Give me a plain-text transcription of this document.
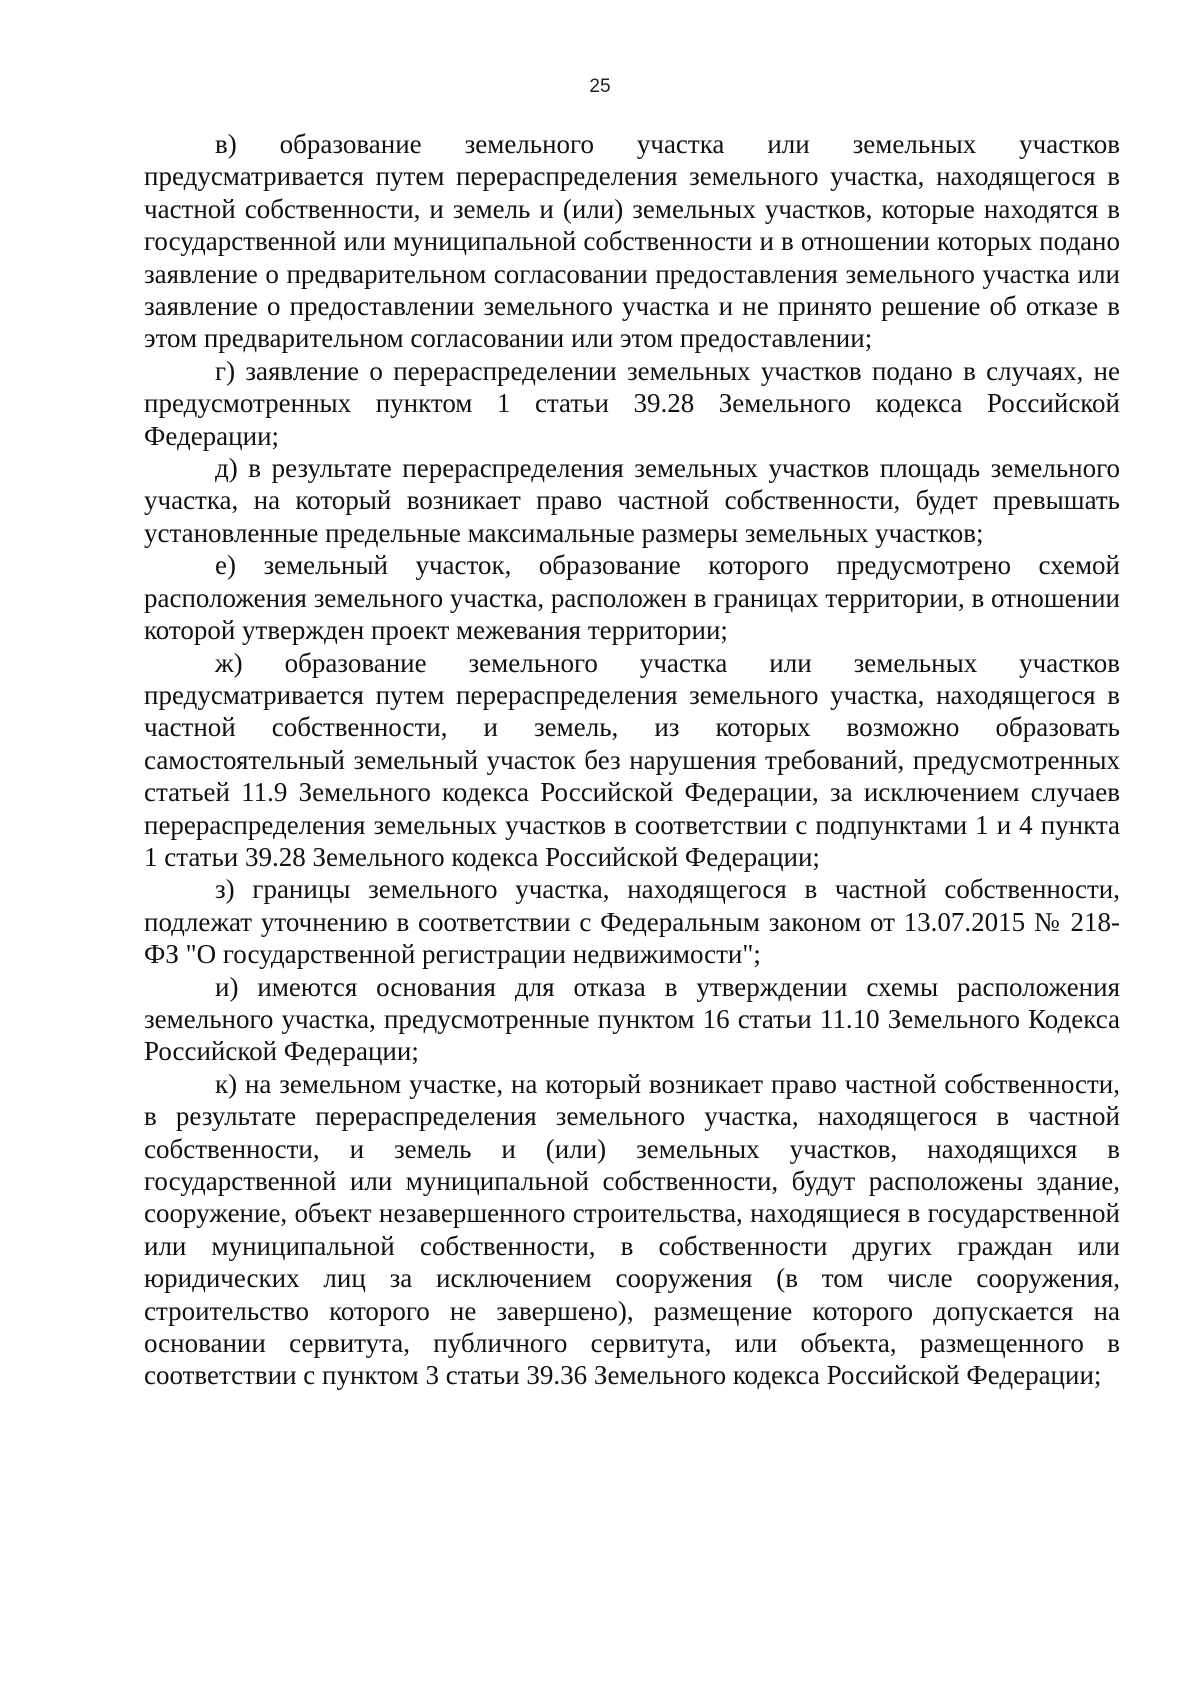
25

в) образование земельного участка или земельных участков предусматривается путем перераспределения земельного участка, находящегося в частной собственности, и земель и (или) земельных участков, которые находятся в государственной или муниципальной собственности и в отношении которых подано заявление о предварительном согласовании предоставления земельного участка или заявление о предоставлении земельного участка и не принято решение об отказе в этом предварительном согласовании или этом предоставлении;

г) заявление о перераспределении земельных участков подано в случаях, не предусмотренных пунктом 1 статьи 39.28 Земельного кодекса Российской Федерации;

д) в результате перераспределения земельных участков площадь земельного участка, на который возникает право частной собственности, будет превышать установленные предельные максимальные размеры земельных участков;

е) земельный участок, образование которого предусмотрено схемой расположения земельного участка, расположен в границах территории, в отношении которой утвержден проект межевания территории;

ж) образование земельного участка или земельных участков предусматривается путем перераспределения земельного участка, находящегося в частной собственности, и земель, из которых возможно образовать самостоятельный земельный участок без нарушения требований, предусмотренных статьей 11.9 Земельного кодекса Российской Федерации, за исключением случаев перераспределения земельных участков в соответствии с подпунктами 1 и 4 пункта 1 статьи 39.28 Земельного кодекса Российской Федерации;

з) границы земельного участка, находящегося в частной собственности, подлежат уточнению в соответствии с Федеральным законом от 13.07.2015 № 218-ФЗ "О государственной регистрации недвижимости";

и) имеются основания для отказа в утверждении схемы расположения земельного участка, предусмотренные пунктом 16 статьи 11.10 Земельного Кодекса Российской Федерации;

к) на земельном участке, на который возникает право частной собственности, в результате перераспределения земельного участка, находящегося в частной собственности, и земель и (или) земельных участков, находящихся в государственной или муниципальной собственности, будут расположены здание, сооружение, объект незавершенного строительства, находящиеся в государственной или муниципальной собственности, в собственности других граждан или юридических лиц за исключением сооружения (в том числе сооружения, строительство которого не завершено), размещение которого допускается на основании сервитута, публичного сервитута, или объекта, размещенного в соответствии с пунктом 3 статьи 39.36 Земельного кодекса Российской Федерации;
